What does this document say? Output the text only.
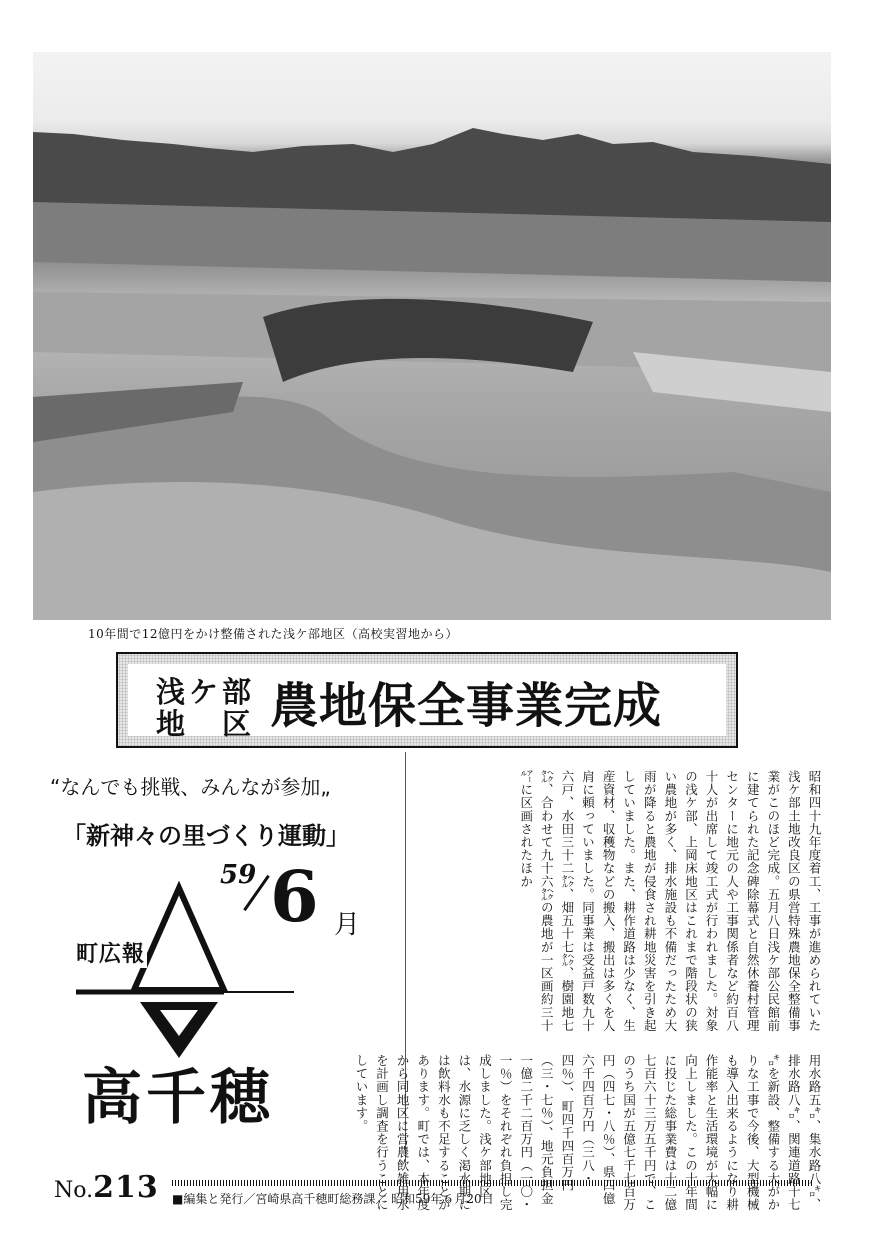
10年間で12億円をかけ整備された浅ケ部地区（高校実習地から）
浅ケ部
地　区 農地保全事業完成
“なんでも挑戦、みんなが参加„
「新神々の里づくり運動」
59 6 月
町広報
高千穂
No.213 ■編集と発行／宮崎県高千穂町総務課／ 昭和59年６月20日
昭和四十九年度着工、工事が進められていた浅ケ部土地改良区の県営特殊農地保全整備事業がこのほど完成。五月八日浅ケ部公民館前に建てられた記念碑除幕式と自然休養村管理センターに地元の人や工事関係者など約百八十人が出席して竣工式が行われました。対象の浅ケ部、上岡床地区はこれまで階段状の狭い農地が多く、排水施設も不備だったため大雨が降ると農地が侵食され耕地災害を引き起していました。また、耕作道路は少なく、生産資材、収穫物などの搬入、搬出は多くを人肩に頼っていました。同事業は受益戸数九十六戸、水田三十二㌶、畑五十七㌶、樹園地七㌶、合わせて九十六㌶の農地が一区画約三十㌃に区画されたほか
用水路五㌔、集水路八㌔、排水路八㌔、関連道路十七㌔を新設、整備する大がかりな工事で今後、大型機械も導入出来るようになり耕作能率と生活環境が大幅に向上しました。この十年間に投じた総事業費は十二億七百六十三万五千円で、このうち国が五億七千七百万円（四七・八％）、県四億六千四百万円（三八・四％）、町四千四百万円（三・七％）、地元負担金一億二千二百万円（一〇・一％）をそれぞれ負担し完成しました。浅ケ部地区は、水源に乏しく渇水期には飲料水も不足することがあります。町では、本年度から同地区に営農飲雑用水を計画し調査を行うことにしています。
